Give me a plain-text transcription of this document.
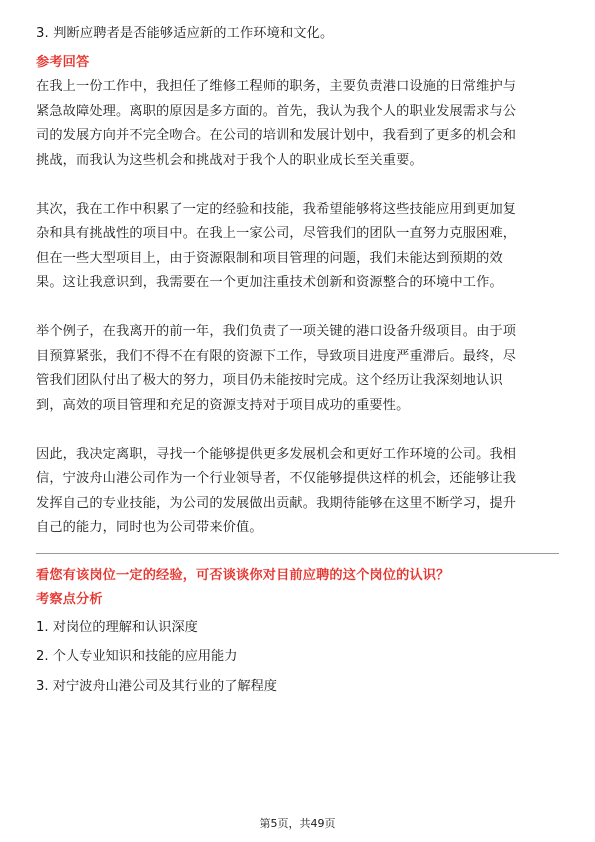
3. 判断应聘者是否能够适应新的工作环境和文化。
参考回答
在我上一份工作中，我担任了维修工程师的职务，主要负责港口设施的日常维护与
紧急故障处理。离职的原因是多方面的。首先，我认为我个人的职业发展需求与公
司的发展方向并不完全吻合。在公司的培训和发展计划中，我看到了更多的机会和
挑战，而我认为这些机会和挑战对于我个人的职业成长至关重要。
其次，我在工作中积累了一定的经验和技能，我希望能够将这些技能应用到更加复
杂和具有挑战性的项目中。在我上一家公司，尽管我们的团队一直努力克服困难，
但在一些大型项目上，由于资源限制和项目管理的问题，我们未能达到预期的效
果。这让我意识到，我需要在一个更加注重技术创新和资源整合的环境中工作。
举个例子，在我离开的前一年，我们负责了一项关键的港口设备升级项目。由于项
目预算紧张，我们不得不在有限的资源下工作，导致项目进度严重滞后。最终，尽
管我们团队付出了极大的努力，项目仍未能按时完成。这个经历让我深刻地认识
到，高效的项目管理和充足的资源支持对于项目成功的重要性。
因此，我决定离职，寻找一个能够提供更多发展机会和更好工作环境的公司。我相
信，宁波舟山港公司作为一个行业领导者，不仅能够提供这样的机会，还能够让我
发挥自己的专业技能，为公司的发展做出贡献。我期待能够在这里不断学习，提升
自己的能力，同时也为公司带来价值。
看您有该岗位一定的经验，可否谈谈你对目前应聘的这个岗位的认识？
考察点分析
1. 对岗位的理解和认识深度
2. 个人专业知识和技能的应用能力
3. 对宁波舟山港公司及其行业的了解程度
第5页，共49页
